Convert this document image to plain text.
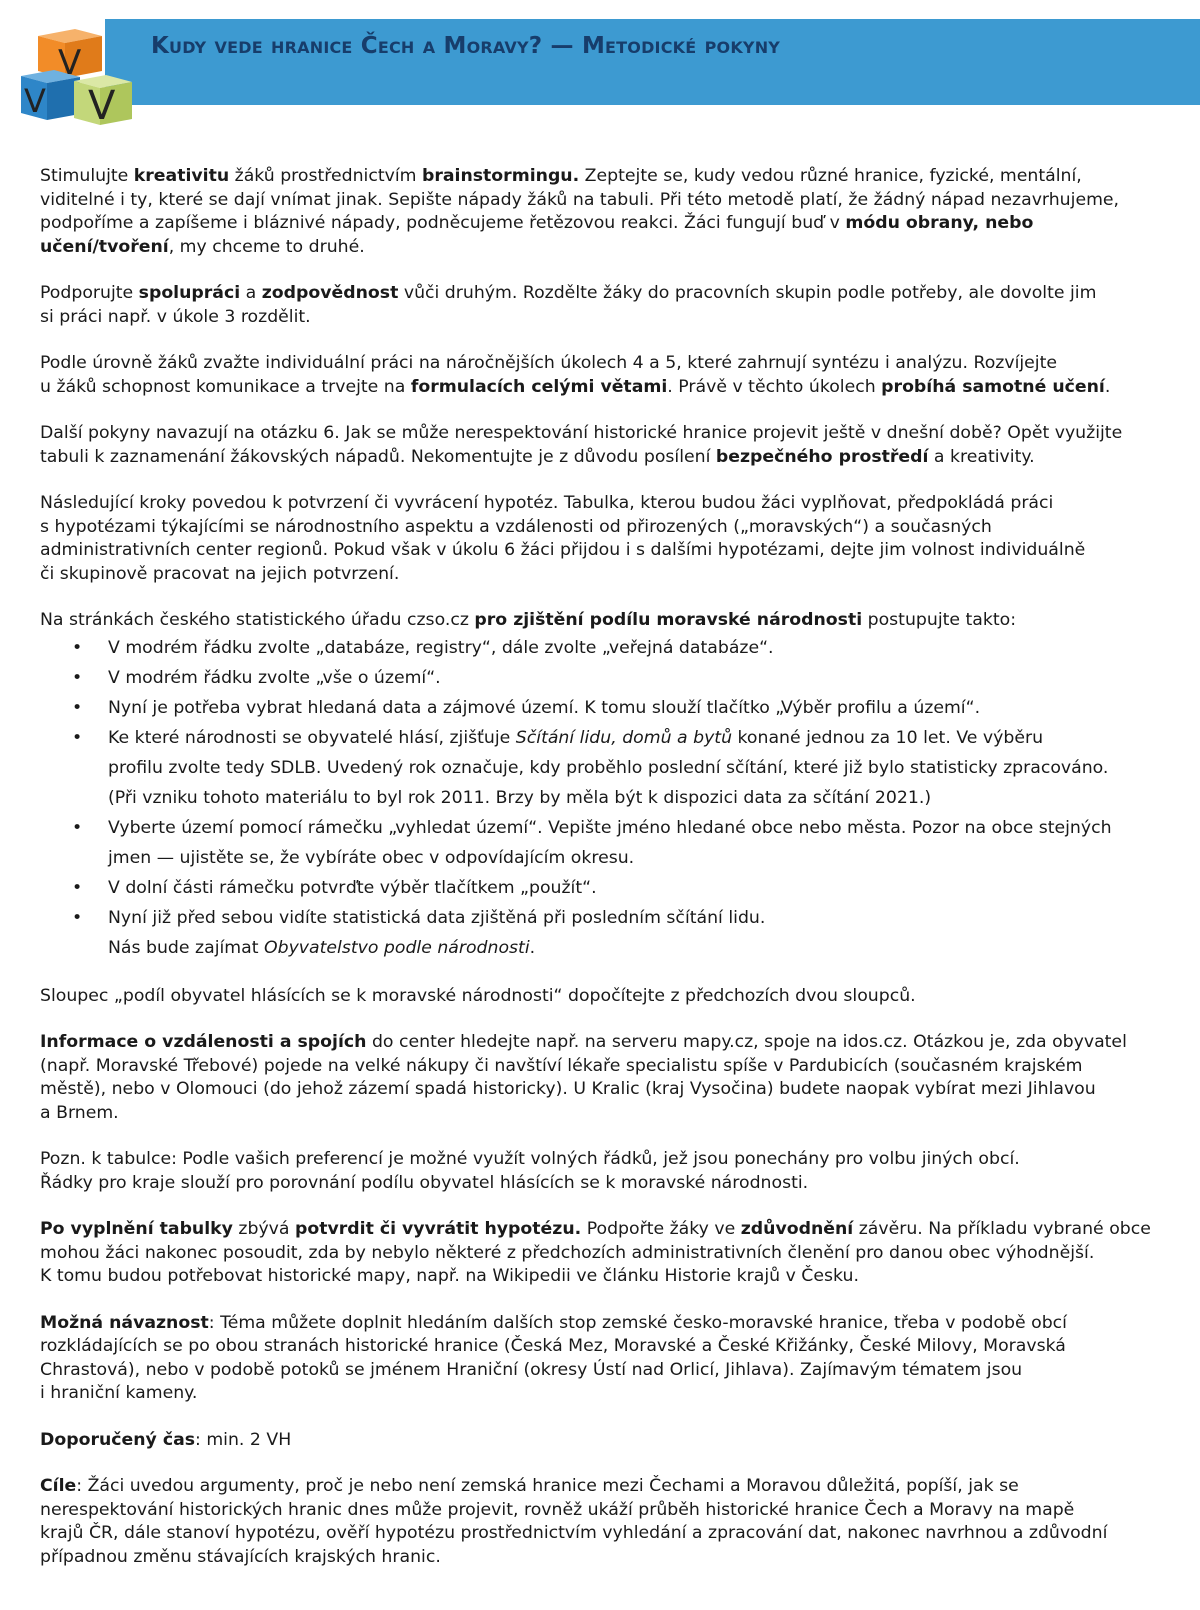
V
V V
Kudy vede hranice Čech a Moravy? — Metodické pokyny

Stimulujte kreativitu žáků prostřednictvím brainstormingu. Zeptejte se, kudy vedou různé hranice, fyzické, mentální,
viditelné i ty, které se dají vnímat jinak. Sepište nápady žáků na tabuli. Při této metodě platí, že žádný nápad nezavrhujeme,
podpoříme a zapíšeme i bláznivé nápady, podněcujeme řetězovou reakci. Žáci fungují buď v módu obrany, nebo
učení/tvoření, my chceme to druhé.

Podporujte spolupráci a zodpovědnost vůči druhým. Rozdělte žáky do pracovních skupin podle potřeby, ale dovolte jim
si práci např. v úkole 3 rozdělit.

Podle úrovně žáků zvažte individuální práci na náročnějších úkolech 4 a 5, které zahrnují syntézu i analýzu. Rozvíjejte
u žáků schopnost komunikace a trvejte na formulacích celými větami. Právě v těchto úkolech probíhá samotné učení.

Další pokyny navazují na otázku 6. Jak se může nerespektování historické hranice projevit ještě v dnešní době? Opět využijte
tabuli k zaznamenání žákovských nápadů. Nekomentujte je z důvodu posílení bezpečného prostředí a kreativity.

Následující kroky povedou k potvrzení či vyvrácení hypotéz. Tabulka, kterou budou žáci vyplňovat, předpokládá práci
s hypotézami týkajícími se národnostního aspektu a vzdálenosti od přirozených („moravských“) a současných
administrativních center regionů. Pokud však v úkolu 6 žáci přijdou i s dalšími hypotézami, dejte jim volnost individuálně
či skupinově pracovat na jejich potvrzení.

Na stránkách českého statistického úřadu czso.cz pro zjištění podílu moravské národnosti postupujte takto:

• V modrém řádku zvolte „databáze, registry“, dále zvolte „veřejná databáze“.
• V modrém řádku zvolte „vše o území“.
• Nyní je potřeba vybrat hledaná data a zájmové území. K tomu slouží tlačítko „Výběr profilu a území“.
• Ke které národnosti se obyvatelé hlásí, zjišťuje Sčítání lidu, domů a bytů konané jednou za 10 let. Ve výběru
profilu zvolte tedy SDLB. Uvedený rok označuje, kdy proběhlo poslední sčítání, které již bylo statisticky zpracováno.
(Při vzniku tohoto materiálu to byl rok 2011. Brzy by měla být k dispozici data za sčítání 2021.)
• Vyberte území pomocí rámečku „vyhledat území“. Vepište jméno hledané obce nebo města. Pozor na obce stejných
jmen — ujistěte se, že vybíráte obec v odpovídajícím okresu.
• V dolní části rámečku potvrďte výběr tlačítkem „použít“.
• Nyní již před sebou vidíte statistická data zjištěná při posledním sčítání lidu.
Nás bude zajímat Obyvatelstvo podle národnosti.

Sloupec „podíl obyvatel hlásících se k moravské národnosti“ dopočítejte z předchozích dvou sloupců.

Informace o vzdálenosti a spojích do center hledejte např. na serveru mapy.cz, spoje na idos.cz. Otázkou je, zda obyvatel
(např. Moravské Třebové) pojede na velké nákupy či navštíví lékaře specialistu spíše v Pardubicích (současném krajském
městě), nebo v Olomouci (do jehož zázemí spadá historicky). U Kralic (kraj Vysočina) budete naopak vybírat mezi Jihlavou
a Brnem.

Pozn. k tabulce: Podle vašich preferencí je možné využít volných řádků, jež jsou ponechány pro volbu jiných obcí.
Řádky pro kraje slouží pro porovnání podílu obyvatel hlásících se k moravské národnosti.

Po vyplnění tabulky zbývá potvrdit či vyvrátit hypotézu. Podpořte žáky ve zdůvodnění závěru. Na příkladu vybrané obce
mohou žáci nakonec posoudit, zda by nebylo některé z předchozích administrativních členění pro danou obec výhodnější.
K tomu budou potřebovat historické mapy, např. na Wikipedii ve článku Historie krajů v Česku.

Možná návaznost: Téma můžete doplnit hledáním dalších stop zemské česko-moravské hranice, třeba v podobě obcí
rozkládajících se po obou stranách historické hranice (Česká Mez, Moravské a České Křižánky, České Milovy, Moravská
Chrastová), nebo v podobě potoků se jménem Hraniční (okresy Ústí nad Orlicí, Jihlava). Zajímavým tématem jsou
i hraniční kameny.

Doporučený čas: min. 2 VH

Cíle: Žáci uvedou argumenty, proč je nebo není zemská hranice mezi Čechami a Moravou důležitá, popíší, jak se
nerespektování historických hranic dnes může projevit, rovněž ukáží průběh historické hranice Čech a Moravy na mapě
krajů ČR, dále stanoví hypotézu, ověří hypotézu prostřednictvím vyhledání a zpracování dat, nakonec navrhnou a zdůvodní
případnou změnu stávajících krajských hranic.
